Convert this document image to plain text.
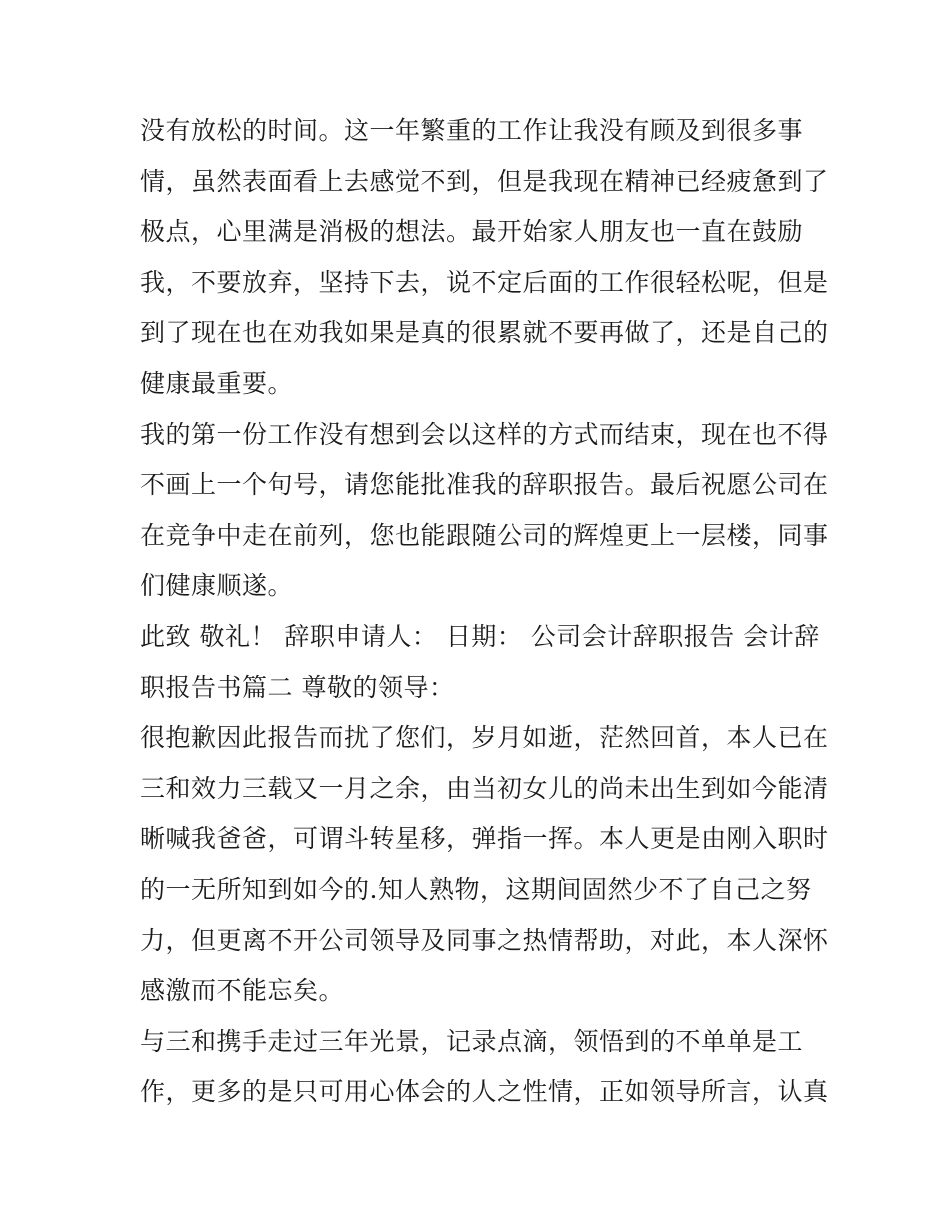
没有放松的时间。这一年繁重的工作让我没有顾及到很多事
情，虽然表面看上去感觉不到，但是我现在精神已经疲惫到了
极点，心里满是消极的想法。最开始家人朋友也一直在鼓励
我，不要放弃，坚持下去，说不定后面的工作很轻松呢，但是
到了现在也在劝我如果是真的很累就不要再做了，还是自己的
健康最重要。
我的第一份工作没有想到会以这样的方式而结束，现在也不得
不画上一个句号，请您能批准我的辞职报告。最后祝愿公司在
在竞争中走在前列，您也能跟随公司的辉煌更上一层楼，同事
们健康顺遂。
此致 敬礼！ 辞职申请人： 日期： 公司会计辞职报告 会计辞
职报告书篇二 尊敬的领导：
很抱歉因此报告而扰了您们，岁月如逝，茫然回首，本人已在
三和效力三载又一月之余，由当初女儿的尚未出生到如今能清
晰喊我爸爸，可谓斗转星移，弹指一挥。本人更是由刚入职时
的一无所知到如今的.知人熟物，这期间固然少不了自己之努
力，但更离不开公司领导及同事之热情帮助，对此，本人深怀
感激而不能忘矣。
与三和携手走过三年光景，记录点滴，领悟到的不单单是工
作，更多的是只可用心体会的人之性情，正如领导所言，认真
